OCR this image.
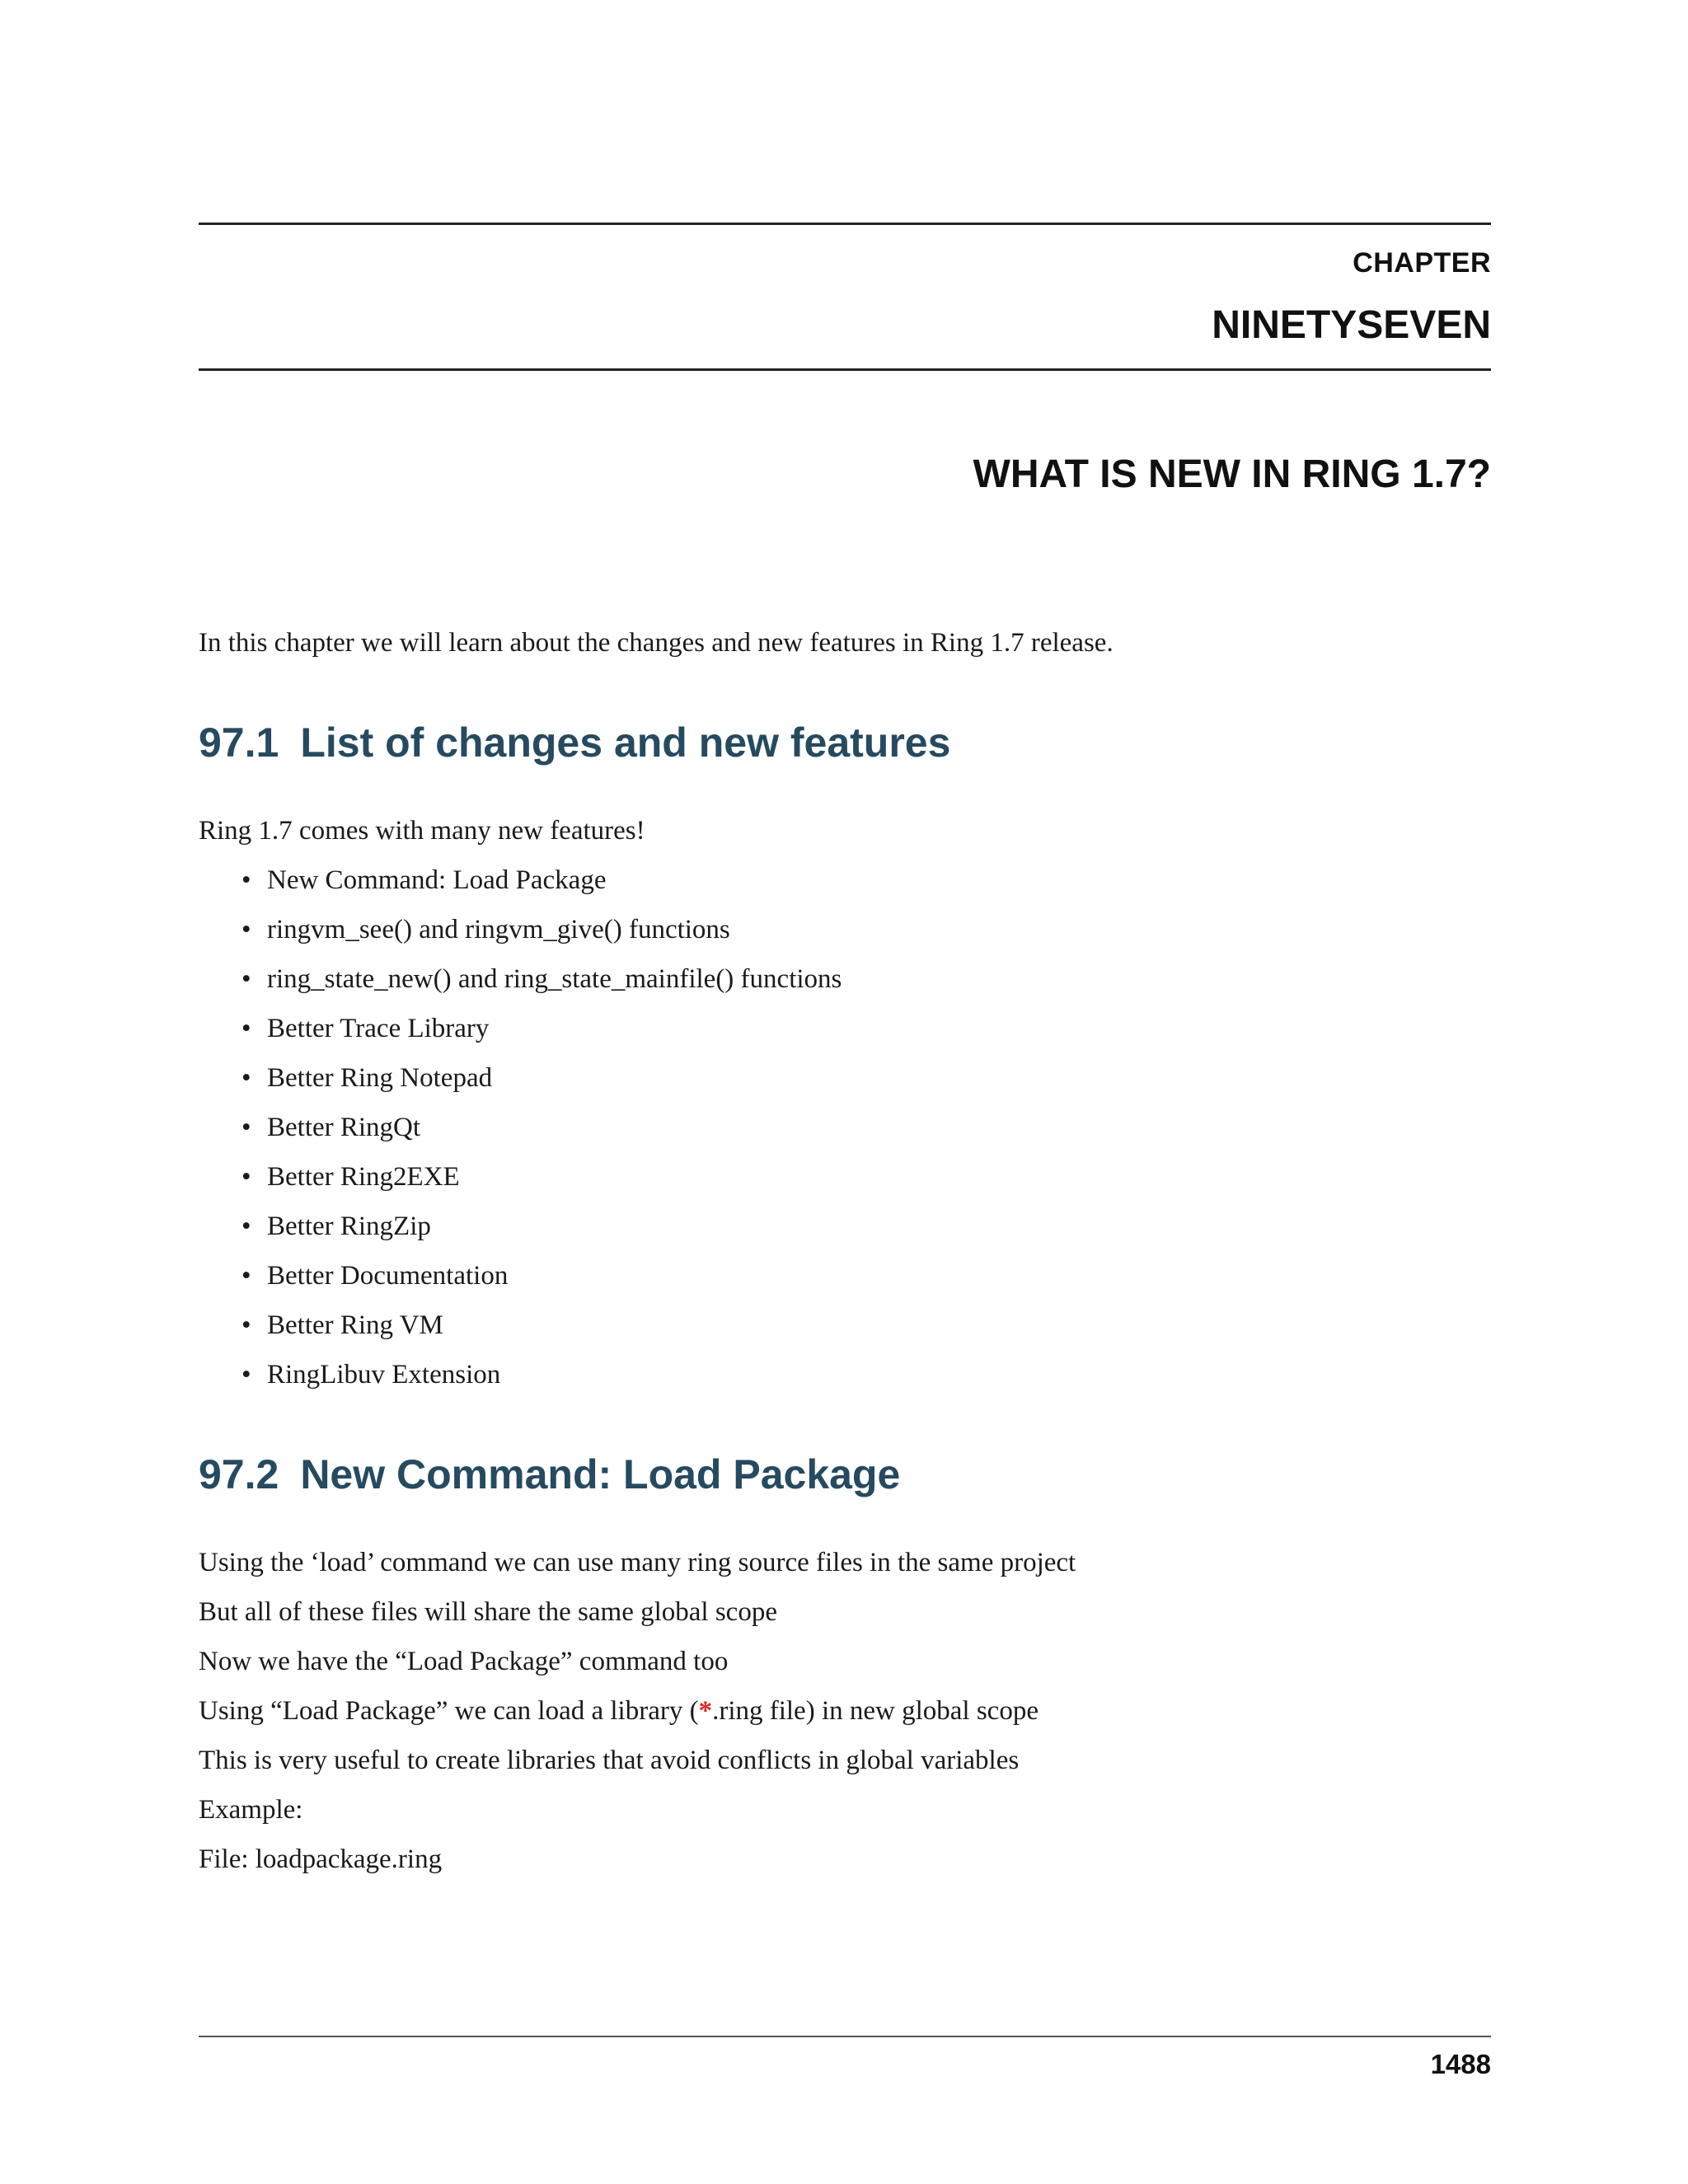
CHAPTER
NINETYSEVEN
WHAT IS NEW IN RING 1.7?

In this chapter we will learn about the changes and new features in Ring 1.7 release.

97.1 List of changes and new features

Ring 1.7 comes with many new features!

• New Command: Load Package
• ringvm_see() and ringvm_give() functions
• ring_state_new() and ring_state_mainfile() functions
• Better Trace Library
• Better Ring Notepad
• Better RingQt
• Better Ring2EXE
• Better RingZip
• Better Documentation
• Better Ring VM
• RingLibuv Extension
97.2 New Command: Load Package
Using the ‘load’ command we can use many ring source files in the same project
But all of these files will share the same global scope
Now we have the “Load Package” command too
Using “Load Package” we can load a library (*.ring file) in new global scope
This is very useful to create libraries that avoid conflicts in global variables
Example:
File: loadpackage.ring
1488
